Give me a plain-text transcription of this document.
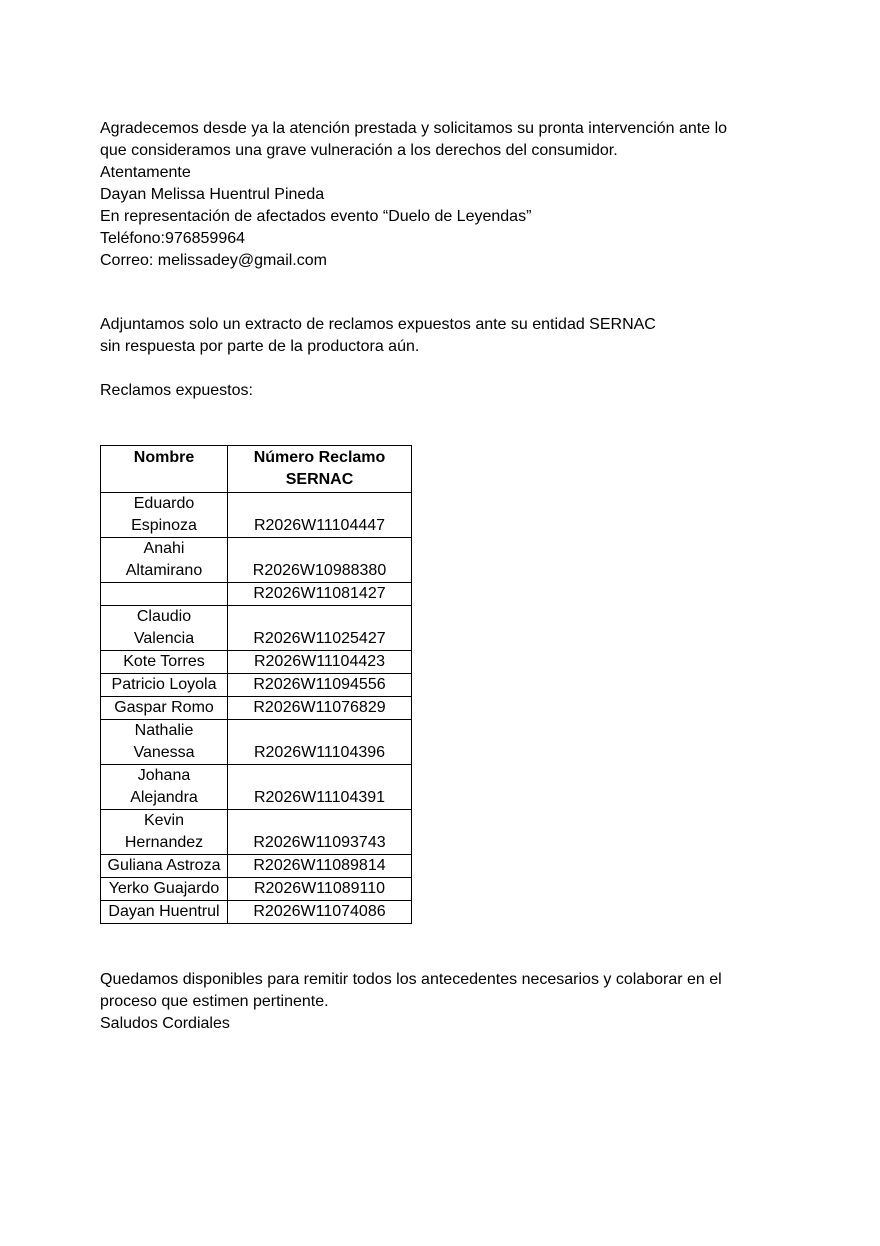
Agradecemos desde ya la atención prestada y solicitamos su pronta intervención ante lo
que consideramos una grave vulneración a los derechos del consumidor.
Atentamente
Dayan Melissa Huentrul Pineda
En representación de afectados evento “Duelo de Leyendas”
Teléfono:976859964
Correo: melissadey@gmail.com
Adjuntamos solo un extracto de reclamos expuestos ante su entidad SERNAC
sin respuesta por parte de la productora aún.
Reclamos expuestos:
Nombre	Número Reclamo SERNAC
Eduardo Espinoza	R2026W11104447
Anahi Altamirano	R2026W10988380
	R2026W11081427
Claudio Valencia	R2026W11025427
Kote Torres	R2026W11104423
Patricio Loyola	R2026W11094556
Gaspar Romo	R2026W11076829
Nathalie Vanessa	R2026W11104396
Johana Alejandra	R2026W11104391
Kevin Hernandez	R2026W11093743
Guliana Astroza	R2026W11089814
Yerko Guajardo	R2026W11089110
Dayan Huentrul	R2026W11074086
Quedamos disponibles para remitir todos los antecedentes necesarios y colaborar en el
proceso que estimen pertinente.
Saludos Cordiales
